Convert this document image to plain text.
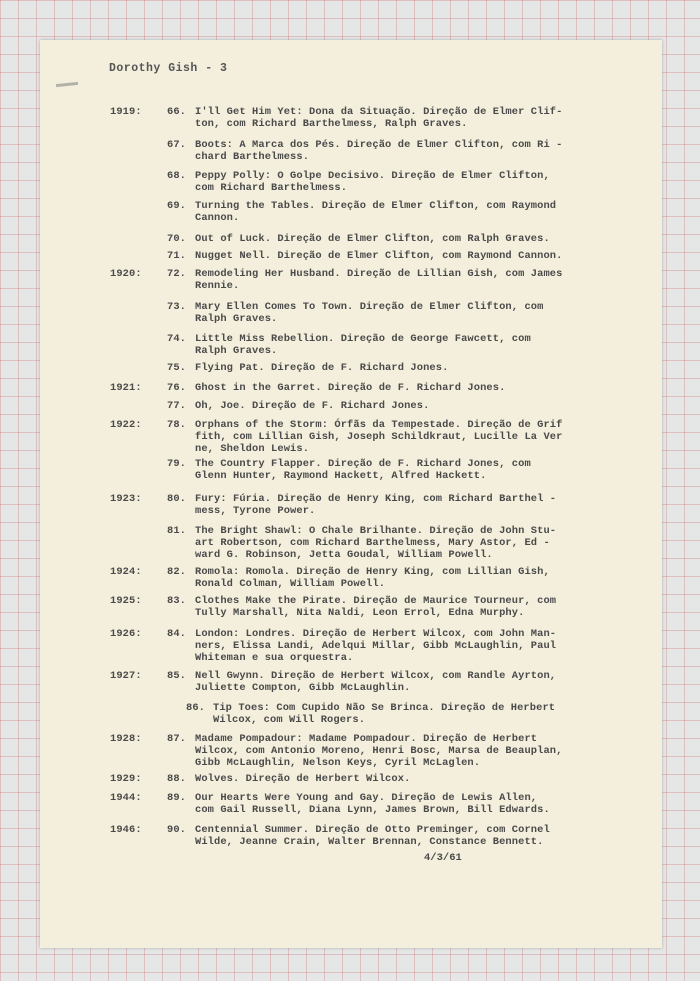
Dorothy Gish - 3
1919:	66. I'll Get Him Yet: Dona da Situação. Direção de Elmer Clif-
ton, com Richard Barthelmess, Ralph Graves.
67. Boots: A Marca dos Pés. Direção de Elmer Clifton, com Ri -
chard Barthelmess.
68. Peppy Polly: O Golpe Decisivo. Direção de Elmer Clifton,
com Richard Barthelmess.
69. Turning the Tables. Direção de Elmer Clifton, com Raymond
Cannon.
70. Out of Luck. Direção de Elmer Clifton, com Ralph Graves.
71. Nugget Nell. Direção de Elmer Clifton, com Raymond Cannon.
1920:	72. Remodeling Her Husband. Direção de Lillian Gish, com James
Rennie.
73. Mary Ellen Comes To Town. Direção de Elmer Clifton, com
Ralph Graves.
74. Little Miss Rebellion. Direção de George Fawcett, com
Ralph Graves.
75. Flying Pat. Direção de F. Richard Jones.
1921:	76. Ghost in the Garret. Direção de F. Richard Jones.
77. Oh, Joe. Direção de F. Richard Jones.
1922:	78. Orphans of the Storm: Órfãs da Tempestade. Direção de Grif
fith, com Lillian Gish, Joseph Schildkraut, Lucille La Ver
ne, Sheldon Lewis.
79. The Country Flapper. Direção de F. Richard Jones, com
Glenn Hunter, Raymond Hackett, Alfred Hackett.
1923:	80. Fury: Fúria. Direção de Henry King, com Richard Barthel -
mess, Tyrone Power.
81. The Bright Shawl: O Chale Brilhante. Direção de John Stu-
art Robertson, com Richard Barthelmess, Mary Astor, Ed -
ward G. Robinson, Jetta Goudal, William Powell.
1924:	82. Romola: Romola. Direção de Henry King, com Lillian Gish,
Ronald Colman, William Powell.
1925:	83. Clothes Make the Pirate. Direção de Maurice Tourneur, com
Tully Marshall, Nita Naldi, Leon Errol, Edna Murphy.
1926:	84. London: Londres. Direção de Herbert Wilcox, com John Man-
ners, Elissa Landi, Adelqui Millar, Gibb McLaughlin, Paul
Whiteman e sua orquestra.
1927:	85. Nell Gwynn. Direção de Herbert Wilcox, com Randle Ayrton,
Juliette Compton, Gibb McLaughlin.
86. Tip Toes: Com Cupido Não Se Brinca. Direção de Herbert
Wilcox, com Will Rogers.
1928:	87. Madame Pompadour: Madame Pompadour. Direção de Herbert
Wilcox, com Antonio Moreno, Henri Bosc, Marsa de Beauplan,
Gibb McLaughlin, Nelson Keys, Cyril McLaglen.
1929:	88. Wolves. Direção de Herbert Wilcox.
1944:	89. Our Hearts Were Young and Gay. Direção de Lewis Allen,
com Gail Russell, Diana Lynn, James Brown, Bill Edwards.
1946:	90. Centennial Summer. Direção de Otto Preminger, com Cornel
Wilde, Jeanne Crain, Walter Brennan, Constance Bennett.
4/3/61
